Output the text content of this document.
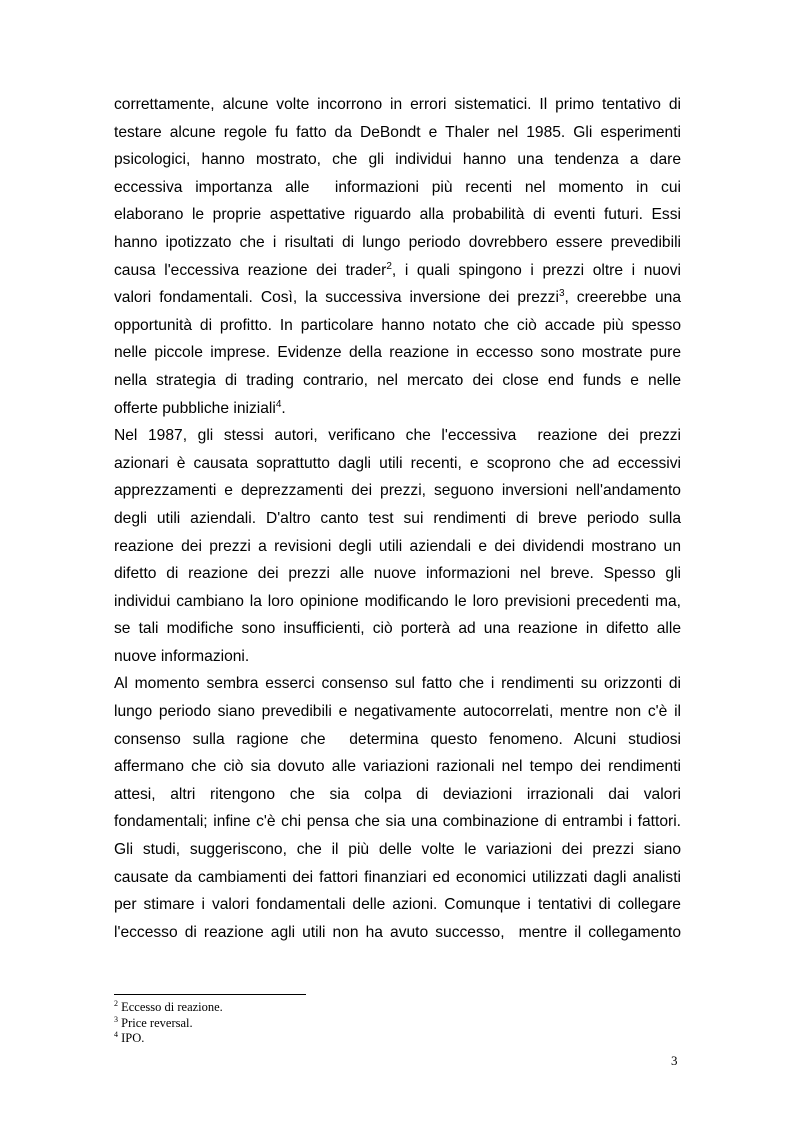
correttamente, alcune volte incorrono in errori sistematici. Il primo tentativo di
testare alcune regole fu fatto da DeBondt e Thaler nel 1985. Gli esperimenti
psicologici, hanno mostrato, che gli individui hanno una tendenza a dare
eccessiva importanza alle  informazioni più recenti nel momento in cui
elaborano le proprie aspettative riguardo alla probabilità di eventi futuri. Essi
hanno ipotizzato che i risultati di lungo periodo dovrebbero essere prevedibili
causa l'eccessiva reazione dei trader$^2$, i quali spingono i prezzi oltre i nuovi
valori fondamentali. Così, la successiva inversione dei prezzi$^3$, creerebbe una
opportunità di profitto. In particolare hanno notato che ciò accade più spesso
nelle piccole imprese. Evidenze della reazione in eccesso sono mostrate pure
nella strategia di trading contrario, nel mercato dei close end funds e nelle
offerte pubbliche iniziali$^4$.
Nel 1987, gli stessi autori, verificano che l'eccessiva  reazione dei prezzi
azionari è causata soprattutto dagli utili recenti, e scoprono che ad eccessivi
apprezzamenti e deprezzamenti dei prezzi, seguono inversioni nell'andamento
degli utili aziendali. D'altro canto test sui rendimenti di breve periodo sulla
reazione dei prezzi a revisioni degli utili aziendali e dei dividendi mostrano un
difetto di reazione dei prezzi alle nuove informazioni nel breve. Spesso gli
individui cambiano la loro opinione modificando le loro previsioni precedenti ma,
se tali modifiche sono insufficienti, ciò porterà ad una reazione in difetto alle
nuove informazioni.
Al momento sembra esserci consenso sul fatto che i rendimenti su orizzonti di
lungo periodo siano prevedibili e negativamente autocorrelati, mentre non c'è il
consenso sulla ragione che  determina questo fenomeno. Alcuni studiosi
affermano che ciò sia dovuto alle variazioni razionali nel tempo dei rendimenti
attesi, altri ritengono che sia colpa di deviazioni irrazionali dai valori
fondamentali; infine c'è chi pensa che sia una combinazione di entrambi i fattori.
Gli studi, suggeriscono, che il più delle volte le variazioni dei prezzi siano
causate da cambiamenti dei fattori finanziari ed economici utilizzati dagli analisti
per stimare i valori fondamentali delle azioni. Comunque i tentativi di collegare
l'eccesso di reazione agli utili non ha avuto successo,  mentre il collegamento
$^2$ Eccesso di reazione.
$^3$ Price reversal.
$^4$ IPO.
3
